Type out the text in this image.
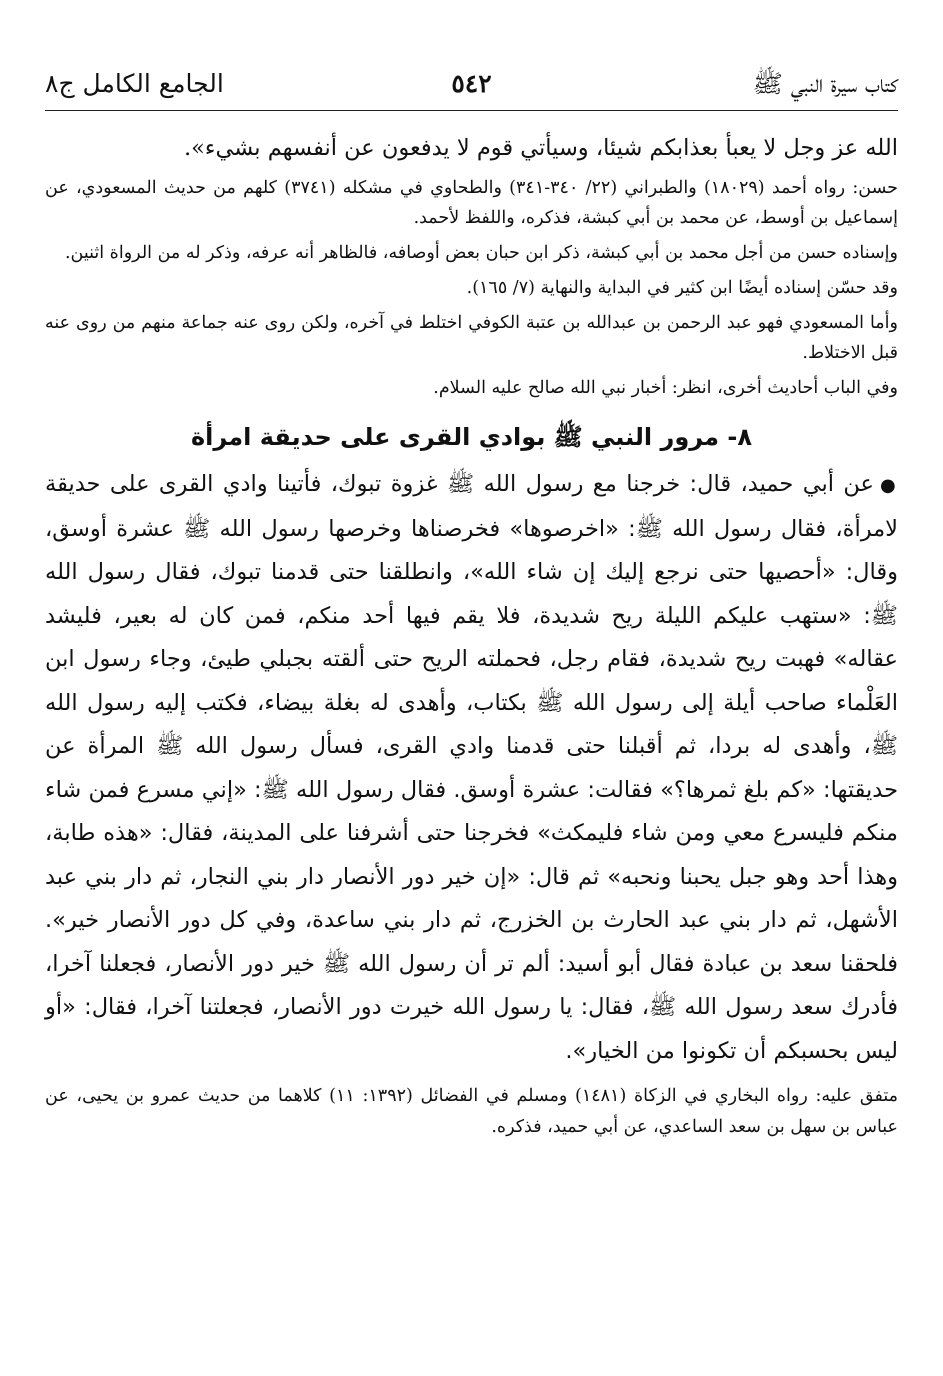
كتاب سيرة النبي ﷺ
٥٤٢
الجامع الكامل ج٨

الله عز وجل لا يعبأ بعذابكم شيئا، وسيأتي قوم لا يدفعون عن أنفسهم بشيء».

حسن: رواه أحمد (١٨٠٢٩) والطبراني (٢٢/ ٣٤٠-٣٤١) والطحاوي في مشكله (٣٧٤١) كلهم من حديث المسعودي، عن إسماعيل بن أوسط، عن محمد بن أبي كبشة، فذكره، واللفظ لأحمد.

وإسناده حسن من أجل محمد بن أبي كبشة، ذكر ابن حبان بعض أوصافه، فالظاهر أنه عرفه، وذكر له من الرواة اثنين.

وقد حسّن إسناده أيضًا ابن كثير في البداية والنهاية (٧/ ١٦٥).

وأما المسعودي فهو عبد الرحمن بن عبدالله بن عتبة الكوفي اختلط في آخره، ولكن روى عنه جماعة منهم من روى عنه قبل الاختلاط.

وفي الباب أحاديث أخرى، انظر: أخبار نبي الله صالح عليه السلام.

٨- مرور النبي ﷺ بوادي القرى على حديقة امرأة

●عن أبي حميد، قال: خرجنا مع رسول الله ﷺ غزوة تبوك، فأتينا وادي القرى على حديقة لامرأة، فقال رسول الله ﷺ: «اخرصوها» فخرصناها وخرصها رسول الله ﷺ عشرة أوسق، وقال: «أحصيها حتى نرجع إليك إن شاء الله»، وانطلقنا حتى قدمنا تبوك، فقال رسول الله ﷺ: «ستهب عليكم الليلة ريح شديدة، فلا يقم فيها أحد منكم، فمن كان له بعير، فليشد عقاله» فهبت ريح شديدة، فقام رجل، فحملته الريح حتى ألقته بجبلي طيئ، وجاء رسول ابن العَلْماء صاحب أيلة إلى رسول الله ﷺ بكتاب، وأهدى له بغلة بيضاء، فكتب إليه رسول الله ﷺ، وأهدى له بردا، ثم أقبلنا حتى قدمنا وادي القرى، فسأل رسول الله ﷺ المرأة عن حديقتها: «كم بلغ ثمرها؟» فقالت: عشرة أوسق. فقال رسول الله ﷺ: «إني مسرع فمن شاء منكم فليسرع معي ومن شاء فليمكث» فخرجنا حتى أشرفنا على المدينة، فقال: «هذه طابة، وهذا أحد وهو جبل يحبنا ونحبه» ثم قال: «إن خير دور الأنصار دار بني النجار، ثم دار بني عبد الأشهل، ثم دار بني عبد الحارث بن الخزرج، ثم دار بني ساعدة، وفي كل دور الأنصار خير». فلحقنا سعد بن عبادة فقال أبو أسيد: ألم تر أن رسول الله ﷺ خير دور الأنصار، فجعلنا آخرا، فأدرك سعد رسول الله ﷺ، فقال: يا رسول الله خيرت دور الأنصار، فجعلتنا آخرا، فقال: «أو ليس بحسبكم أن تكونوا من الخيار».

متفق عليه: رواه البخاري في الزكاة (١٤٨١) ومسلم في الفضائل (١٣٩٢: ١١) كلاهما من حديث عمرو بن يحيى، عن عباس بن سهل بن سعد الساعدي، عن أبي حميد، فذكره.
